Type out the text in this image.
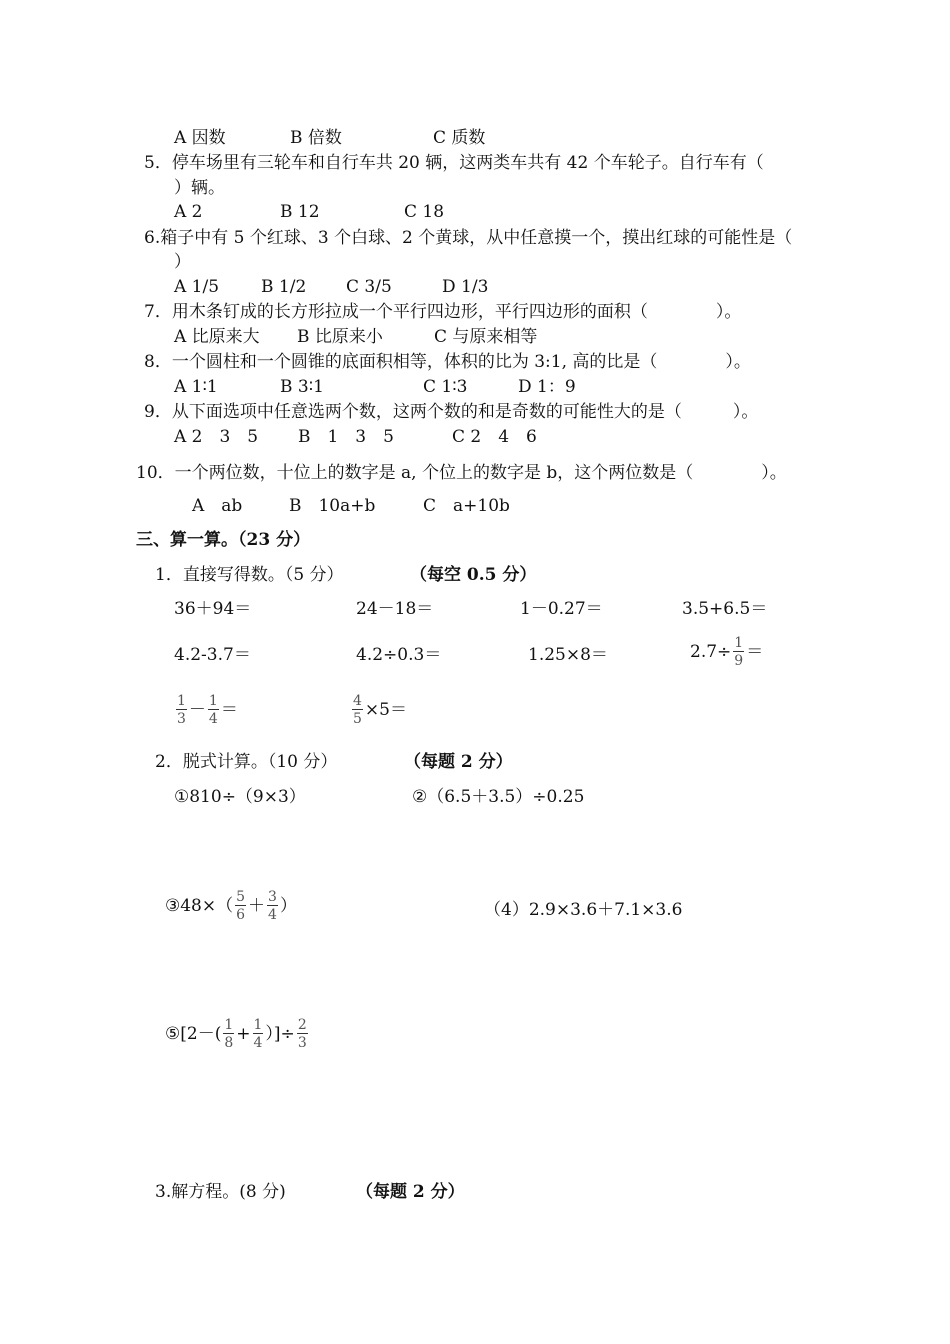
A 因数	B 倍数	C 质数
5．停车场里有三轮车和自行车共 20 辆，这两类车共有 42 个车轮子。自行车有（
）辆。
A 2	B 12	C 18
6.箱子中有 5 个红球、3 个白球、2 个黄球，从中任意摸一个，摸出红球的可能性是（
）
A 1/5 B 1/2 C 3/5	D 1/3
7．用木条钉成的长方形拉成一个平行四边形，平行四边形的面积（　　　　）。
A 比原来大 B 比原来小	C 与原来相等
8．一个圆柱和一个圆锥的底面积相等，体积的比为 3:1, 高的比是（　　　　）。
A 1∶1	B 3∶1	C 1∶3	D 1：9
9．从下面选项中任意选两个数，这两个数的和是奇数的可能性大的是（　　　）。
A 2　3　5 B　1　3　5	C 2　4　6
10．一个两位数，十位上的数字是 a, 个位上的数字是 b，这个两位数是（　　　　）。
A　ab	B　10a+b	C　a+10b
三、算一算。（23 分）
1．直接写得数。（5 分）	（每空 0.5 分）
36＋94＝	24－18＝	1－0.27＝	3.5+6.5＝
4.2-3.7＝	4.2÷0.3＝	1.25×8＝	$2.7\div \frac{1}{9}$ ＝
$\frac{1}{3} - \frac{1}{4}$ ＝	$\frac{4}{5} \times 5=$
2．脱式计算。（10 分）	（每题 2 分）
①810÷（9×3）	②（6.5＋3.5）÷0.25
③48×（ $\frac{5}{6} + \frac{3}{4}$ ）	（4）2.9×3.6＋7.1×3.6
⑤[2－( $\frac{1}{8} + \frac{1}{4}$ ）]÷ $\frac{2}{3}$
3.解方程。(8 分)	（每题 2 分）
